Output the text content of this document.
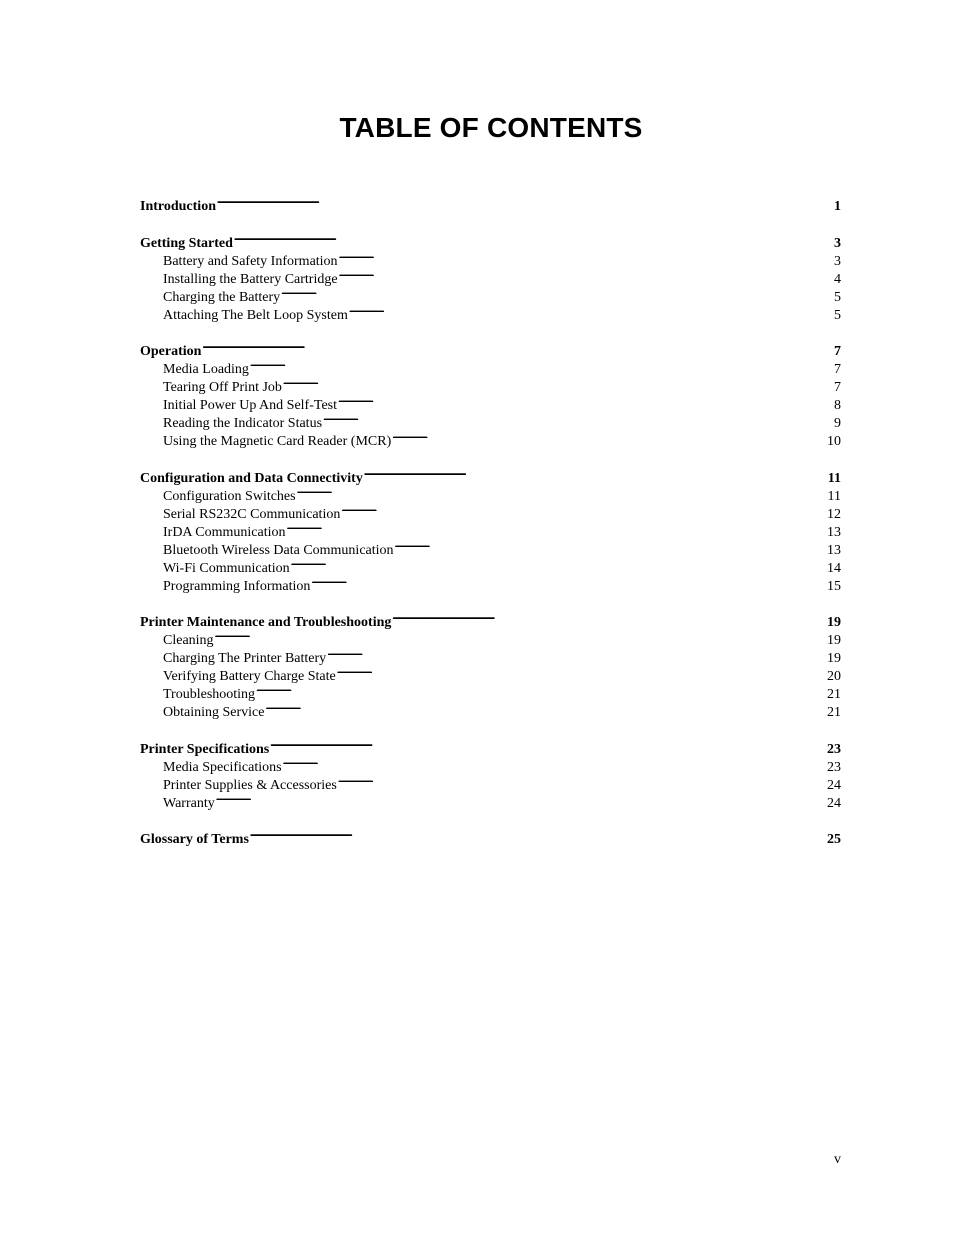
TABLE OF CONTENTS
Introduction . . .	1
Getting Started . . .	3
Battery and Safety Information . . .	3
Installing the Battery Cartridge . . .	4
Charging the Battery . . .	5
Attaching The Belt Loop System . . .	5
Operation . . .	7
Media Loading . . .	7
Tearing Off Print Job . . .	7
Initial Power Up And Self-Test . . .	8
Reading the Indicator Status . . .	9
Using the Magnetic Card Reader (MCR) . . .	10
Configuration and Data Connectivity . . .	11
Configuration Switches . . .	11
Serial RS232C Communication . . .	12
IrDA Communication . . .	13
Bluetooth Wireless Data Communication . . .	13
Wi-Fi Communication . . .	14
Programming Information . . .	15
Printer Maintenance and Troubleshooting . . .	19
Cleaning . . .	19
Charging The Printer Battery . . .	19
Verifying Battery Charge State . . .	20
Troubleshooting . . .	21
Obtaining Service . . .	21
Printer Specifications . . .	23
Media Specifications . . .	23
Printer Supplies & Accessories . . .	24
Warranty . . .	24
Glossary of Terms . . .	25
v
